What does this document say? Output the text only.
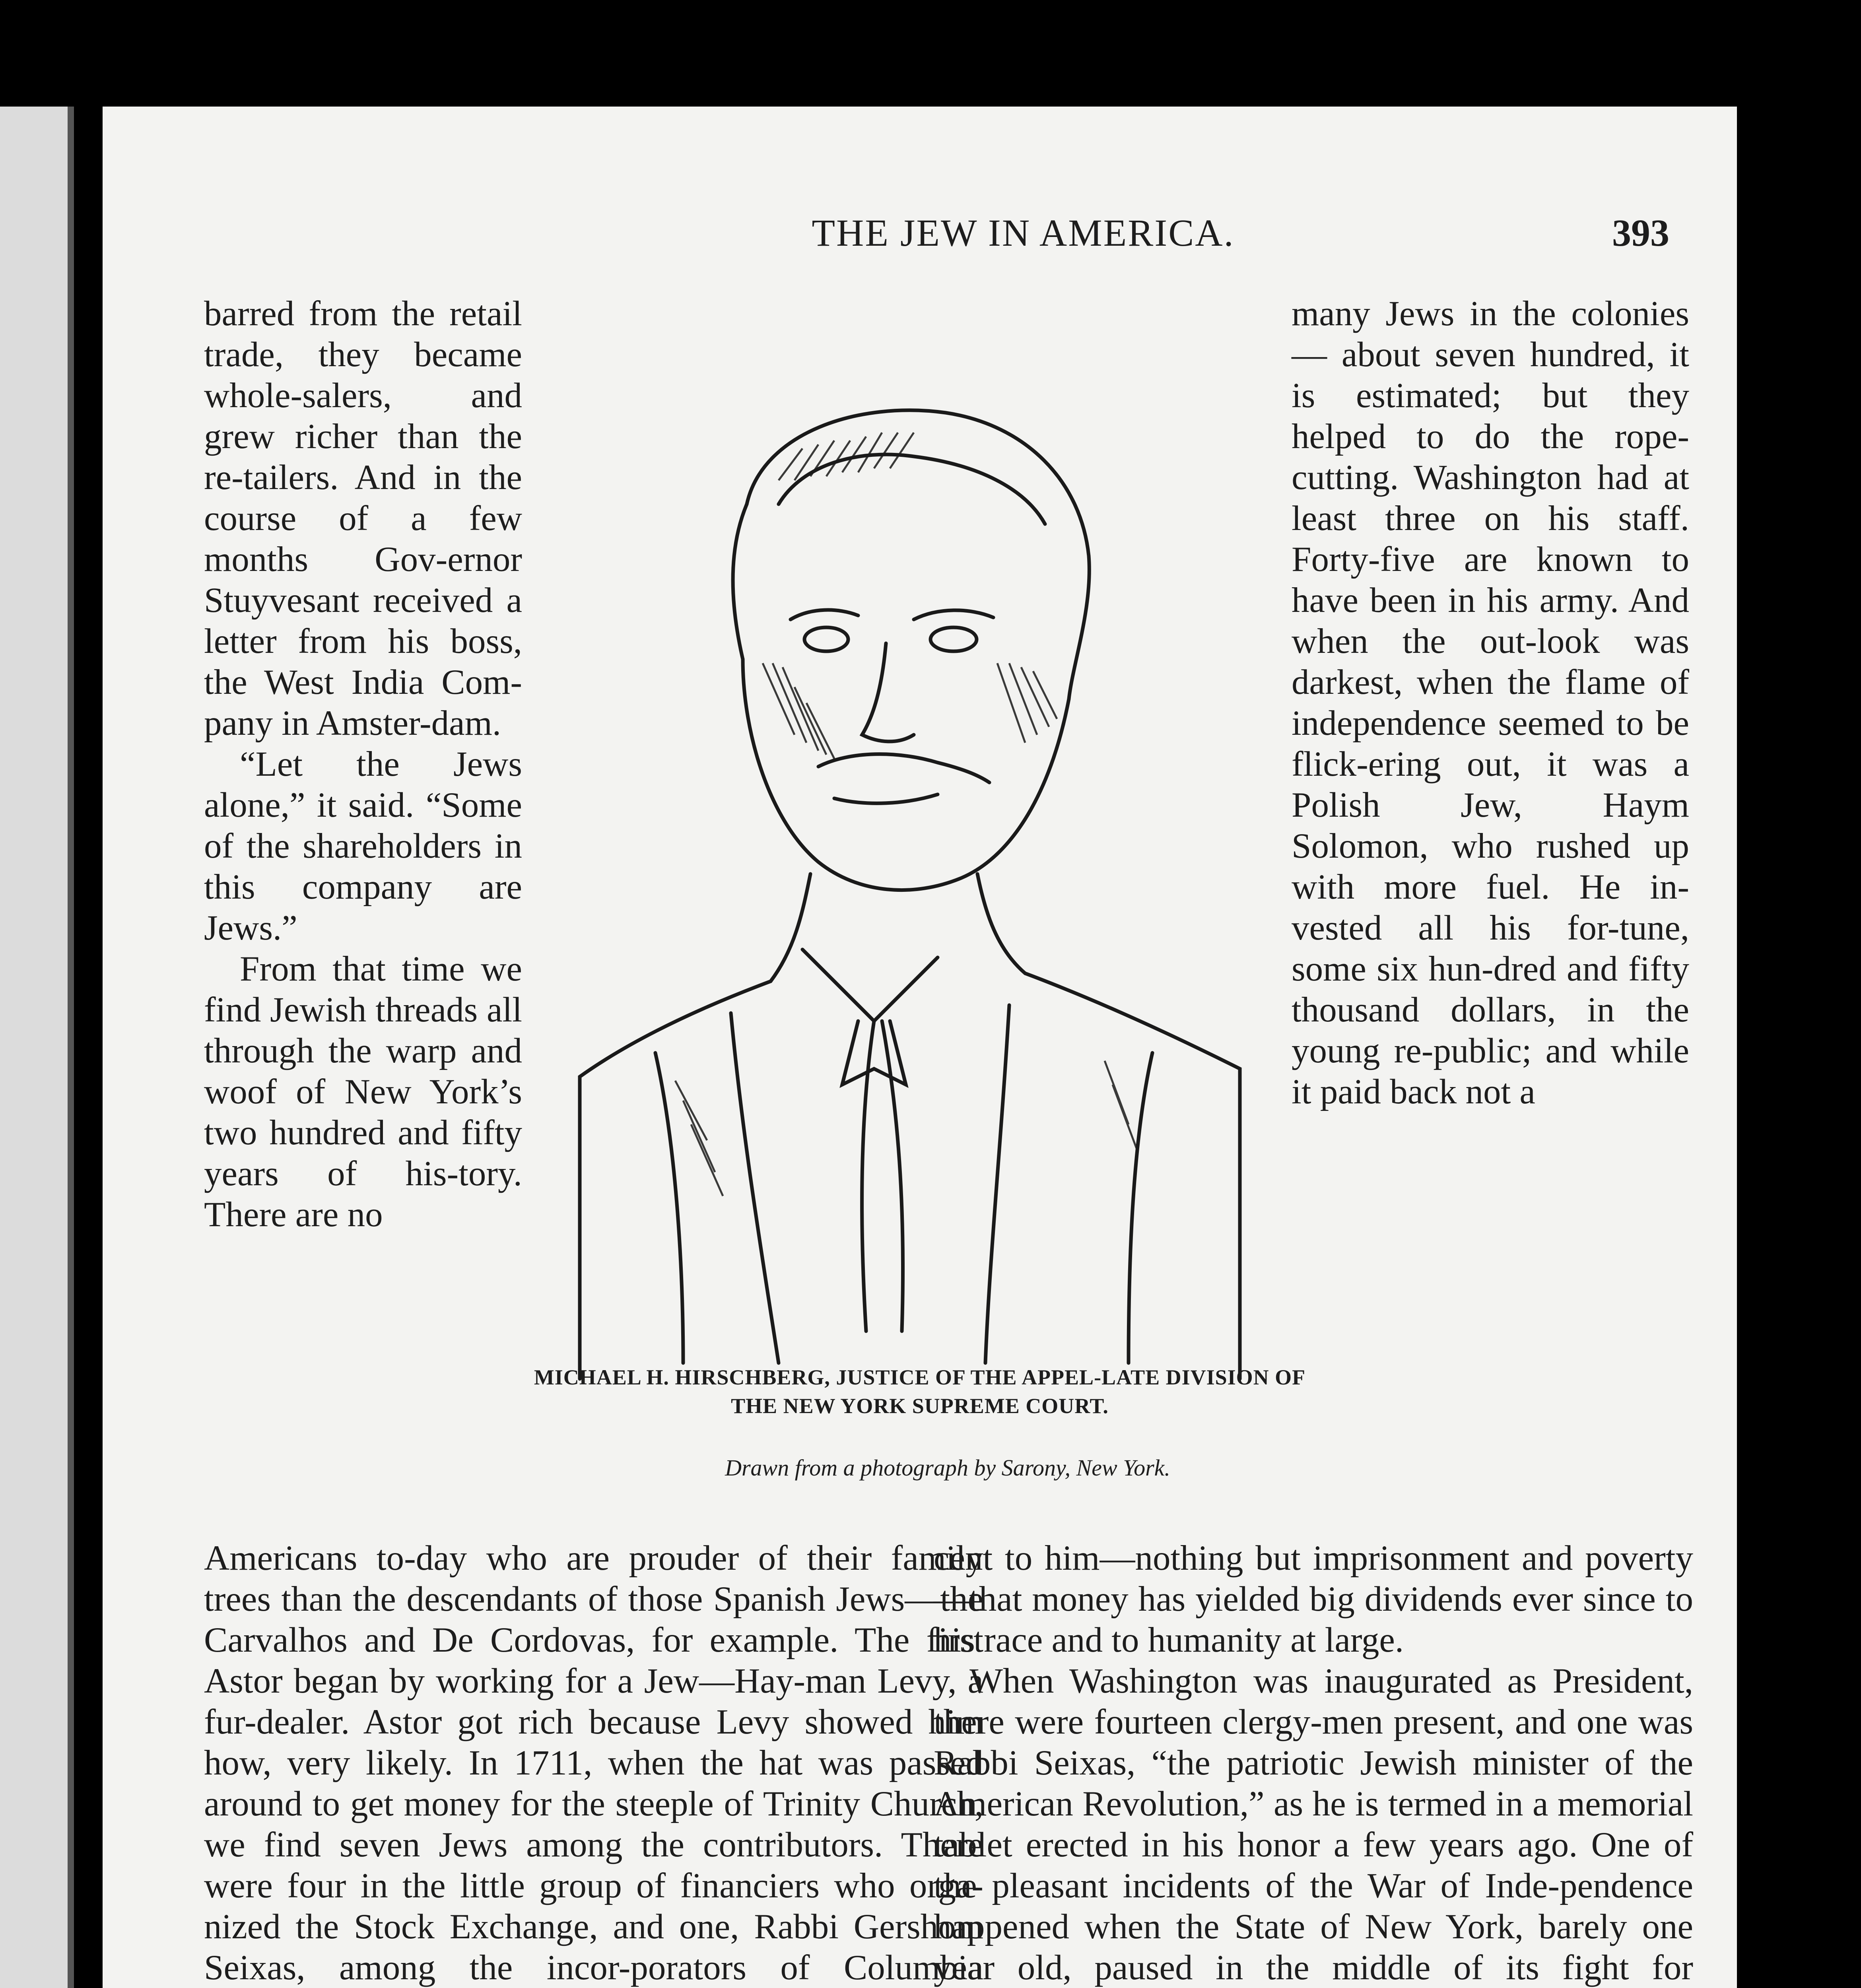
THE JEW IN AMERICA.	393

barred from the retail trade, they became whole-salers, and grew richer than the re-tailers. And in the course of a few months Gov-ernor Stuyvesant received a letter from his boss, the West India Com-pany in Amster-dam.

“Let the Jews alone,” it said. “Some of the shareholders in this company are Jews.”

From that time we find Jewish threads all through the warp and woof of New York’s two hundred and fifty years of his-tory. There are no

many Jews in the colonies — about seven hundred, it is estimated; but they helped to do the rope-cutting. Washington had at least three on his staff. Forty-five are known to have been in his army. And when the out-look was darkest, when the flame of independence seemed to be flick-ering out, it was a Polish Jew, Haym Solomon, who rushed up with more fuel. He in-vested all his for-tune, some six hun-dred and fifty thousand dollars, in the young re-public; and while it paid back not a

MICHAEL H. HIRSCHBERG, JUSTICE OF THE APPEL-LATE DIVISION OF THE NEW YORK SUPREME COURT.
Drawn from a photograph by Sarony, New York.

Americans to-day who are prouder of their family trees than the descendants of those Spanish Jews—the Carvalhos and De Cordovas, for example. The first Astor began by working for a Jew—Hay-man Levy, a fur-dealer. Astor got rich because Levy showed him how, very likely. In 1711, when the hat was passed around to get money for the steeple of Trinity Church, we find seven Jews among the contributors. There were four in the little group of financiers who orga-nized the Stock Exchange, and one, Rabbi Gershom Seixas, among the incor-porators of Columbia

cent to him—nothing but imprisonment and poverty—that money has yielded big dividends ever since to his race and to humanity at large.

When Washington was inaugurated as President, there were fourteen clergy-men present, and one was Rabbi Seixas, “the patriotic Jewish minister of the American Revolution,” as he is termed in a memorial tablet erected in his honor a few years ago. One of the pleasant incidents of the War of Inde-pendence happened when the State of New York, barely one year old, paused in the middle of its fight for
